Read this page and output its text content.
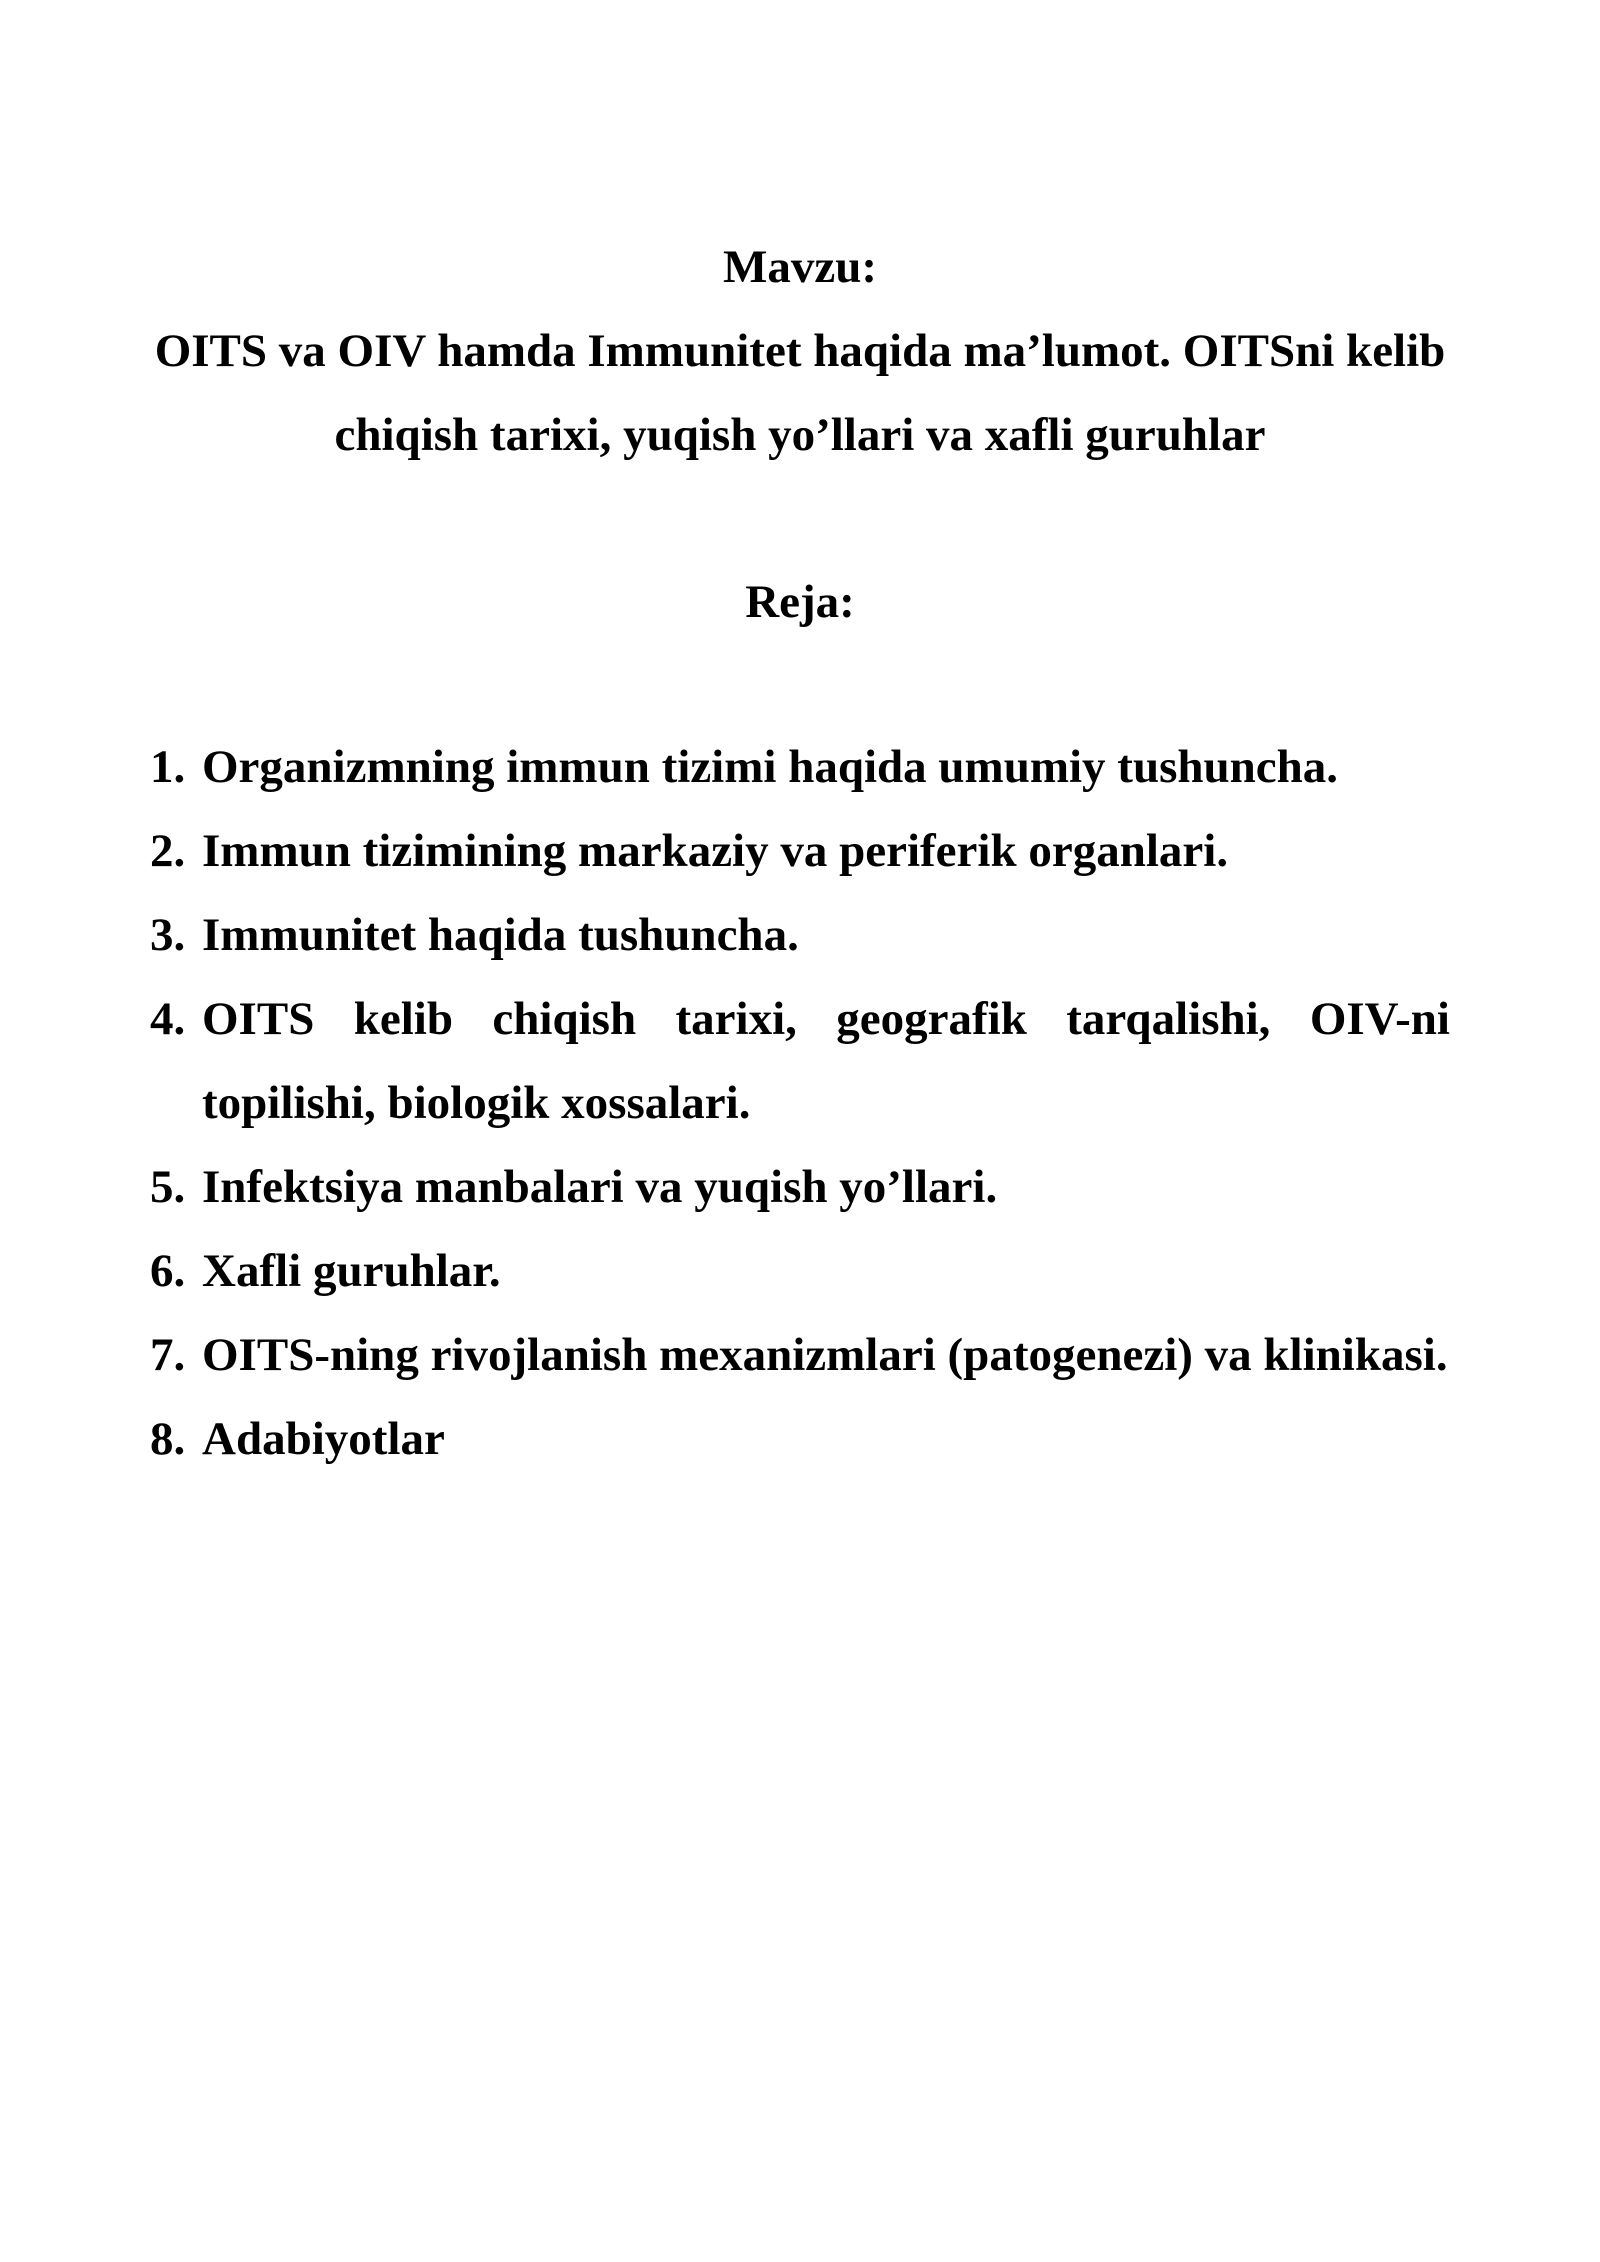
Mavzu:

OITS va OIV hamda Immunitet haqida ma’lumot. OITSni kelib chiqish tarixi, yuqish yo’llari va xafli guruhlar

Reja:

1. Organizmning immun tizimi haqida umumiy tushuncha.
2. Immun tizimining markaziy va periferik organlari.
3. Immunitet haqida tushuncha.
4. OITS kelib chiqish tarixi, geografik tarqalishi, OIV-ni topilishi, biologik xossalari.
5. Infektsiya manbalari va yuqish yo’llari.
6. Xafli guruhlar.
7. OITS-ning rivojlanish mexanizmlari (patogenezi) va klinikasi.
8. Adabiyotlar
